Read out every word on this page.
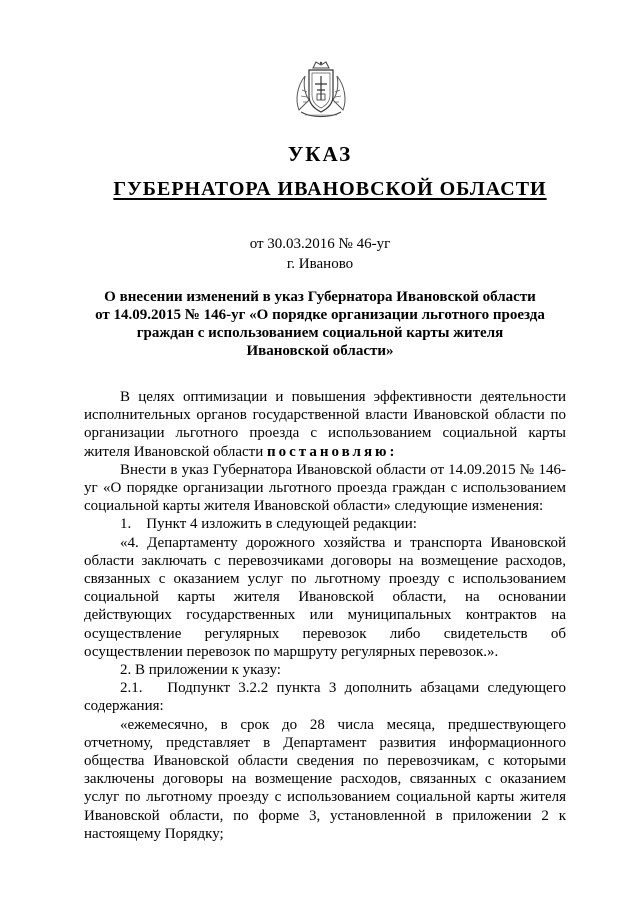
УКАЗ
ГУБЕРНАТОРА ИВАНОВСКОЙ ОБЛАСТИ
от 30.03.2016 № 46-уг
г. Иваново
О внесении изменений в указ Губернатора Ивановской области
от 14.09.2015 № 146-уг «О порядке организации льготного проезда
граждан с использованием социальной карты жителя
Ивановской области»

В целях оптимизации и повышения эффективности деятельности исполнительных органов государственной власти Ивановской области по организации льготного проезда с использованием социальной карты жителя Ивановской области постановляю:

Внести в указ Губернатора Ивановской области от 14.09.2015 № 146-уг «О порядке организации льготного проезда граждан с использованием социальной карты жителя Ивановской области» следующие изменения:

1.    Пункт 4 изложить в следующей редакции:

«4. Департаменту дорожного хозяйства и транспорта Ивановской области заключать с перевозчиками договоры на возмещение расходов, связанных с оказанием услуг по льготному проезду с использованием социальной карты жителя Ивановской области, на основании действующих государственных или муниципальных контрактов на осуществление регулярных перевозок либо свидетельств об осуществлении перевозок по маршруту регулярных перевозок.».

2. В приложении к указу:

2.1.   Подпункт 3.2.2 пункта 3 дополнить абзацами следующего содержания:

«ежемесячно, в срок до 28 числа месяца, предшествующего отчетному, представляет в Департамент развития информационного общества Ивановской области сведения по перевозчикам, с которыми заключены договоры на возмещение расходов, связанных с оказанием услуг по льготному проезду с использованием социальной карты жителя Ивановской области, по форме 3, установленной в приложении 2 к настоящему Порядку;
